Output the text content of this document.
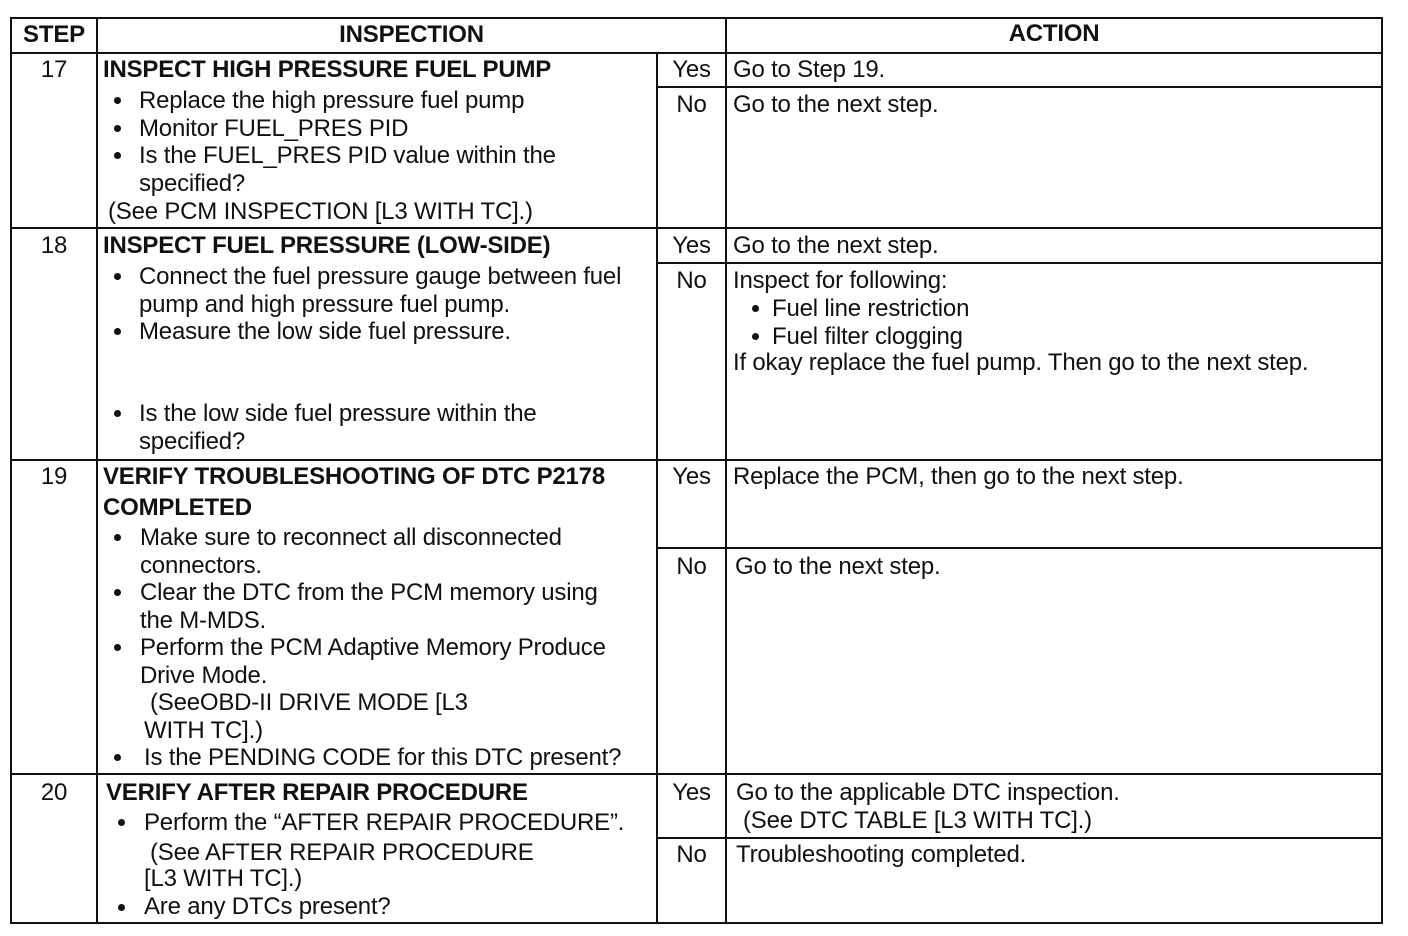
STEP	INSPECTION	ACTION
17	INSPECT HIGH PRESSURE FUEL PUMP
Replace the high pressure fuel pump
Monitor FUEL_PRES PID
Is the FUEL_PRES PID value within the
specified?
(See PCM INSPECTION [L3 WITH TC].)
Yes Go to Step 19.
No	Go to the next step.
18	INSPECT FUEL PRESSURE (LOW-SIDE)
Connect the fuel pressure gauge between fuel
pump and high pressure fuel pump.
Measure the low side fuel pressure.
Is the low side fuel pressure within the
specified?
Yes Go to the next step.
No	Inspect for following:
Fuel line restriction
Fuel filter clogging
If okay replace the fuel pump. Then go to the next step.
19	VERIFY TROUBLESHOOTING OF DTC P2178
COMPLETED
Make sure to reconnect all disconnected
connectors.
Clear the DTC from the PCM memory using
the M-MDS.
Perform the PCM Adaptive Memory Produce
Drive Mode.
(SeeOBD-II DRIVE MODE [L3
WITH TC].)
Is the PENDING CODE for this DTC present?
Yes Replace the PCM, then go to the next step.
No	Go to the next step.
20	VERIFY AFTER REPAIR PROCEDURE
Perform the “AFTER REPAIR PROCEDURE”.
(See AFTER REPAIR PROCEDURE
[L3 WITH TC].)
Are any DTCs present?
Yes	Go to the applicable DTC inspection.
(See DTC TABLE [L3 WITH TC].)
No	Troubleshooting completed.
